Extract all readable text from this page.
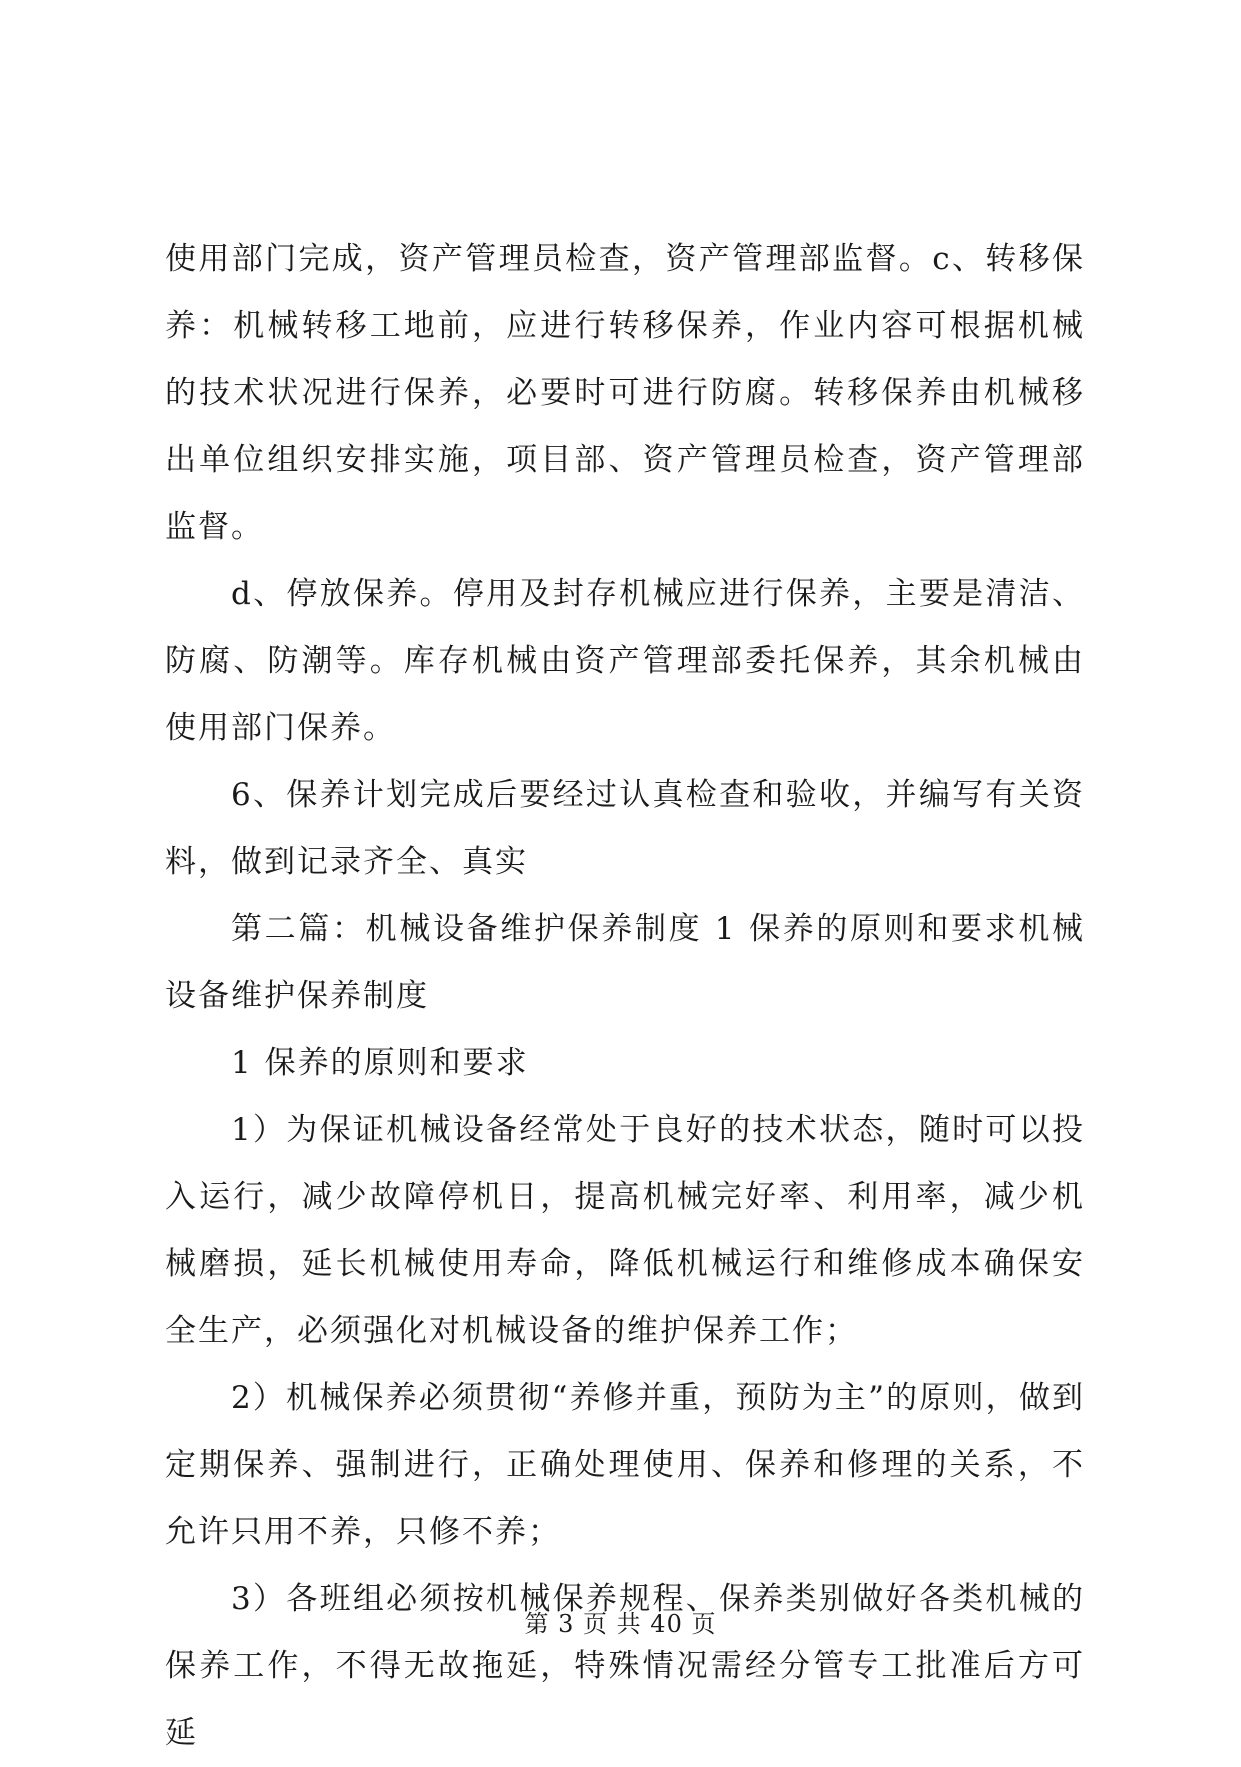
使用部门完成，资产管理员检查，资产管理部监督。c、转移保养：机械转移工地前，应进行转移保养，作业内容可根据机械的技术状况进行保养，必要时可进行防腐。转移保养由机械移出单位组织安排实施，项目部、资产管理员检查，资产管理部监督。

d、停放保养。停用及封存机械应进行保养，主要是清洁、防腐、防潮等。库存机械由资产管理部委托保养，其余机械由使用部门保养。

6、保养计划完成后要经过认真检查和验收，并编写有关资料，做到记录齐全、真实

第二篇：机械设备维护保养制度 1 保养的原则和要求机械设备维护保养制度

1 保养的原则和要求

1）为保证机械设备经常处于良好的技术状态，随时可以投入运行，减少故障停机日，提高机械完好率、利用率，减少机械磨损，延长机械使用寿命，降低机械运行和维修成本确保安全生产，必须强化对机械设备的维护保养工作；

2）机械保养必须贯彻“养修并重，预防为主”的原则，做到定期保养、强制进行，正确处理使用、保养和修理的关系，不允许只用不养，只修不养；

3）各班组必须按机械保养规程、保养类别做好各类机械的保养工作，不得无故拖延，特殊情况需经分管专工批准后方可延

第 3 页 共 40 页
